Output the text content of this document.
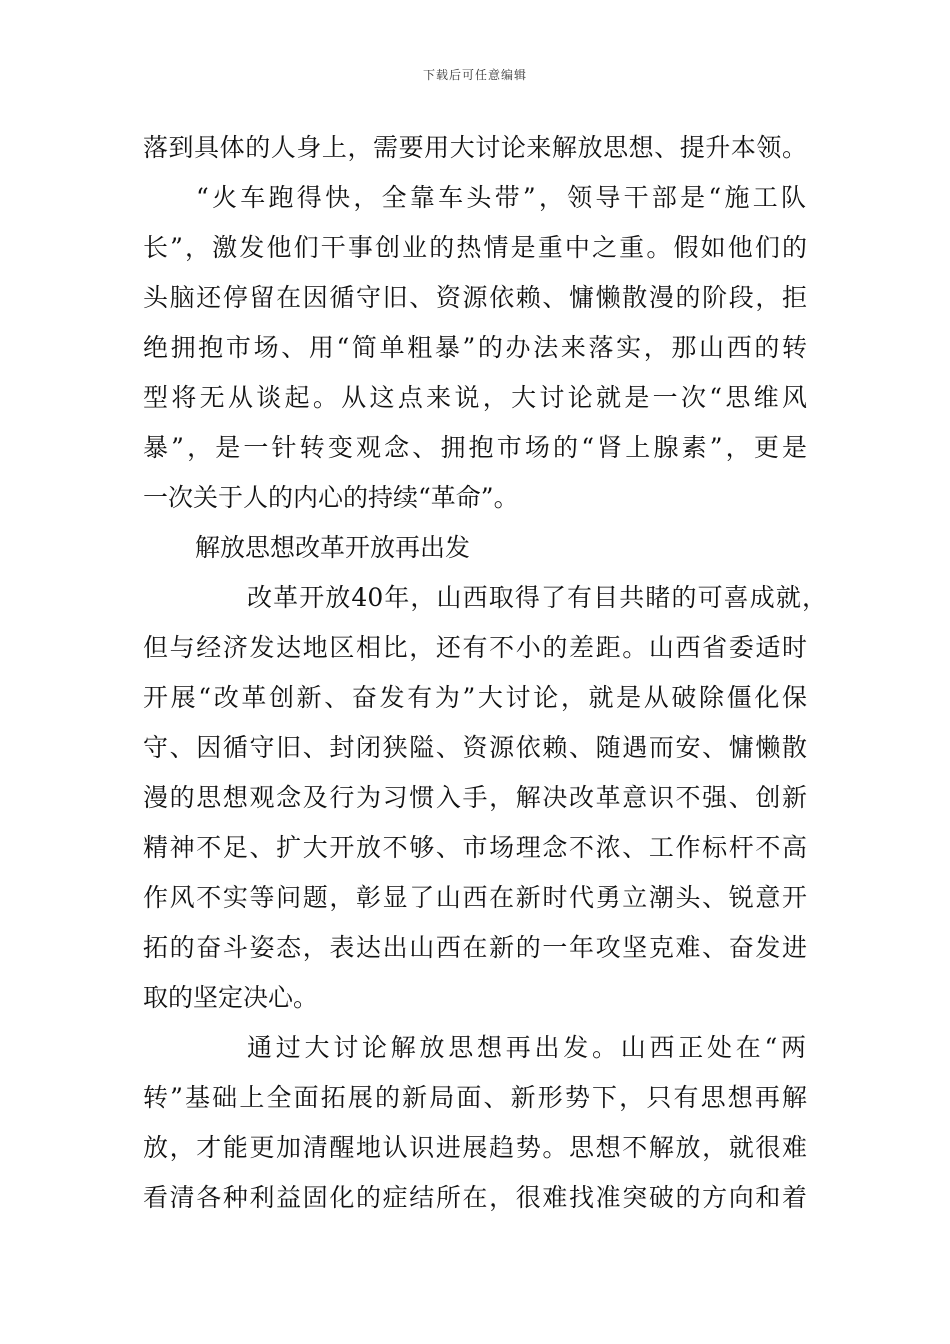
下载后可任意编辑
落到具体的人身上，需要用大讨论来解放思想、提升本领。
“火车跑得快，全靠车头带”，领导干部是“施工队
长”，激发他们干事创业的热情是重中之重。假如他们的
头脑还停留在因循守旧、资源依赖、慵懒散漫的阶段，拒
绝拥抱市场、用“简单粗暴”的办法来落实，那山西的转
型将无从谈起。从这点来说，大讨论就是一次“思维风
暴”，是一针转变观念、拥抱市场的“肾上腺素”，更是
一次关于人的内心的持续“革命”。
解放思想改革开放再出发
改革开放40年，山西取得了有目共睹的可喜成就，
但与经济发达地区相比，还有不小的差距。山西省委适时
开展“改革创新、奋发有为”大讨论，就是从破除僵化保
守、因循守旧、封闭狭隘、资源依赖、随遇而安、慵懒散
漫的思想观念及行为习惯入手，解决改革意识不强、创新
精神不足、扩大开放不够、市场理念不浓、工作标杆不高
作风不实等问题，彰显了山西在新时代勇立潮头、锐意开
拓的奋斗姿态，表达出山西在新的一年攻坚克难、奋发进
取的坚定决心。
通过大讨论解放思想再出发。山西正处在“两
转”基础上全面拓展的新局面、新形势下，只有思想再解
放，才能更加清醒地认识进展趋势。思想不解放，就很难
看清各种利益固化的症结所在，很难找准突破的方向和着
